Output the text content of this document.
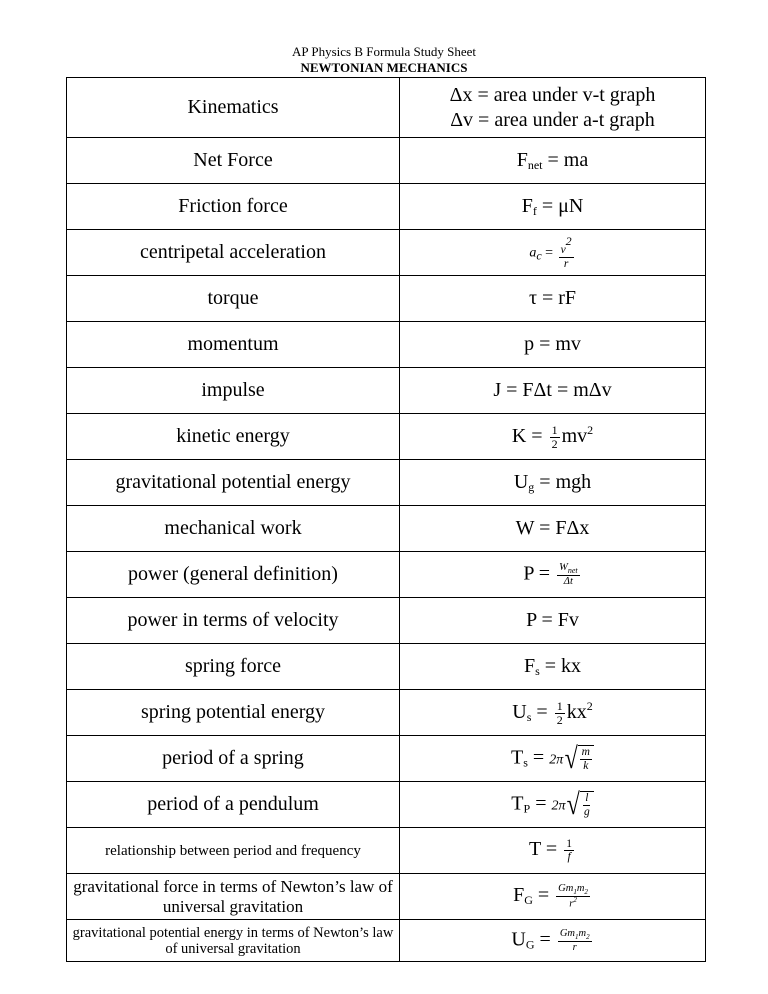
AP Physics B Formula Study Sheet
NEWTONIAN MECHANICS
Kinematics	Δx = area under v-t graph
Δv = area under a-t graph

Net Force	$F_{net}$ = ma
Friction force	$F_f = \mu N$
centripetal acceleration	$a_c = \frac{v^2}{r}$

torque	τ = rF
momentum	p = mv
impulse	J = FΔt = mΔv
kinetic energy	$K = \frac{1}{2} mv^2$
gravitational potential energy	$U_g$ = mgh
mechanical work	W = FΔx
power (general definition)	$P = \frac{W_{net}}{\Delta t}$

power in terms of velocity	P = Fv
spring force	$F_s$ = kx
spring potential energy	$U_s = \frac{1}{2} kx^2$
period of a spring	$T_s = 2\pi$ √ $\frac{m}{k}$

period of a pendulum	$T_P = 2\pi$ √ $\frac{l}{g}$

relationship between period and frequency	$T = \frac{1}{f}$

gravitational force in terms of Newton’s law of universal gravitation	$F_G = \frac{Gm_1m_2}{r^2}$

gravitational potential energy in terms of Newton’s law of universal gravitation	$U_G = \frac{Gm_1m_2}{r}$
